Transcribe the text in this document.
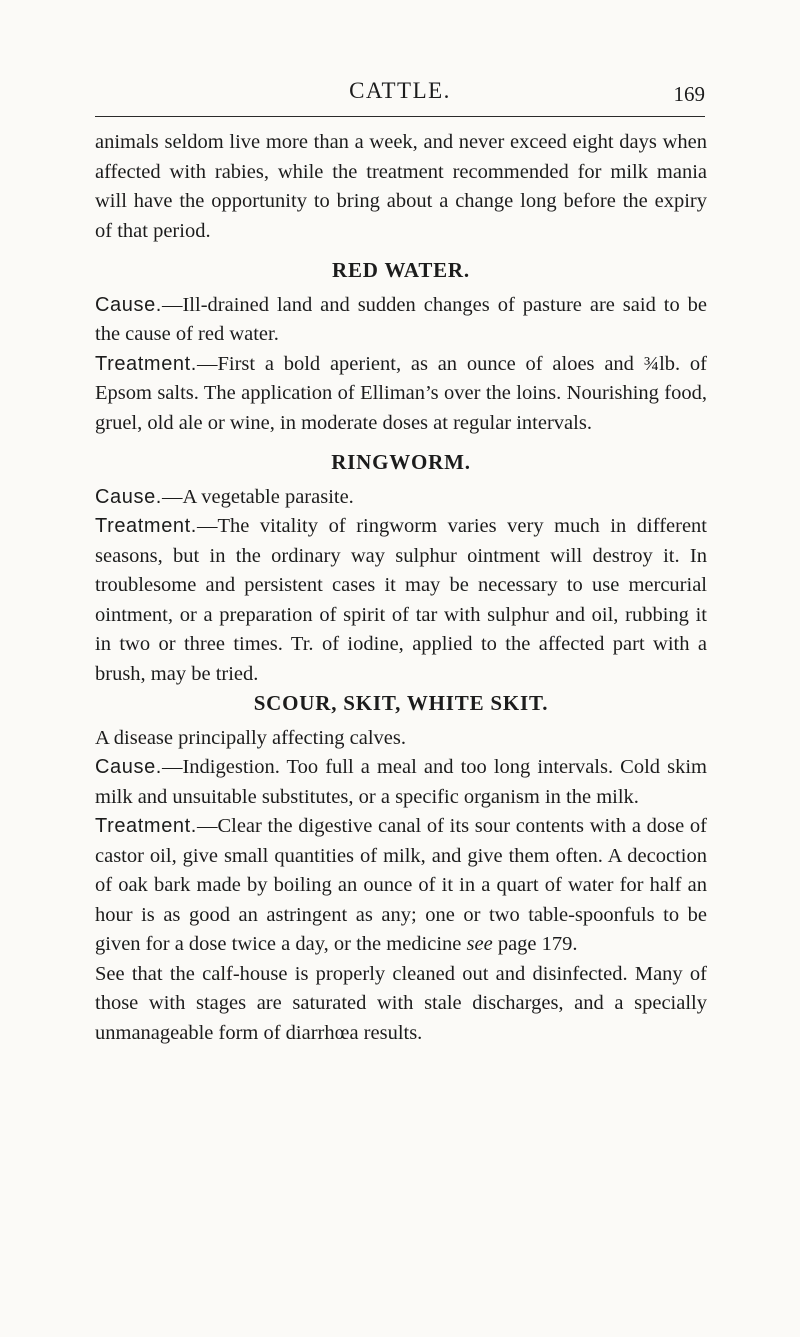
CATTLE.	169

animals seldom live more than a week, and never exceed eight days when affected with rabies, while the treatment recommended for milk mania will have the opportunity to bring about a change long before the expiry of that period.

RED WATER.

Cause.—Ill-drained land and sudden changes of pasture are said to be the cause of red water.

Treatment.—First a bold aperient, as an ounce of aloes and ¾lb. of Epsom salts. The application of Elliman’s over the loins. Nourishing food, gruel, old ale or wine, in moderate doses at regular intervals.

RINGWORM.

Cause.—A vegetable parasite.

Treatment.—The vitality of ringworm varies very much in different seasons, but in the ordinary way sulphur ointment will destroy it. In troublesome and persistent cases it may be necessary to use mercurial ointment, or a preparation of spirit of tar with sulphur and oil, rubbing it in two or three times. Tr. of iodine, applied to the affected part with a brush, may be tried.

SCOUR, SKIT, WHITE SKIT.

A disease principally affecting calves.

Cause.—Indigestion. Too full a meal and too long intervals. Cold skim milk and unsuitable substitutes, or a specific organism in the milk.

Treatment.—Clear the digestive canal of its sour contents with a dose of castor oil, give small quantities of milk, and give them often. A decoction of oak bark made by boiling an ounce of it in a quart of water for half an hour is as good an astringent as any; one or two table-spoonfuls to be given for a dose twice a day, or the medicine see page 179.

See that the calf-house is properly cleaned out and disinfected. Many of those with stages are saturated with stale discharges, and a specially unmanageable form of diarrhœa results.
